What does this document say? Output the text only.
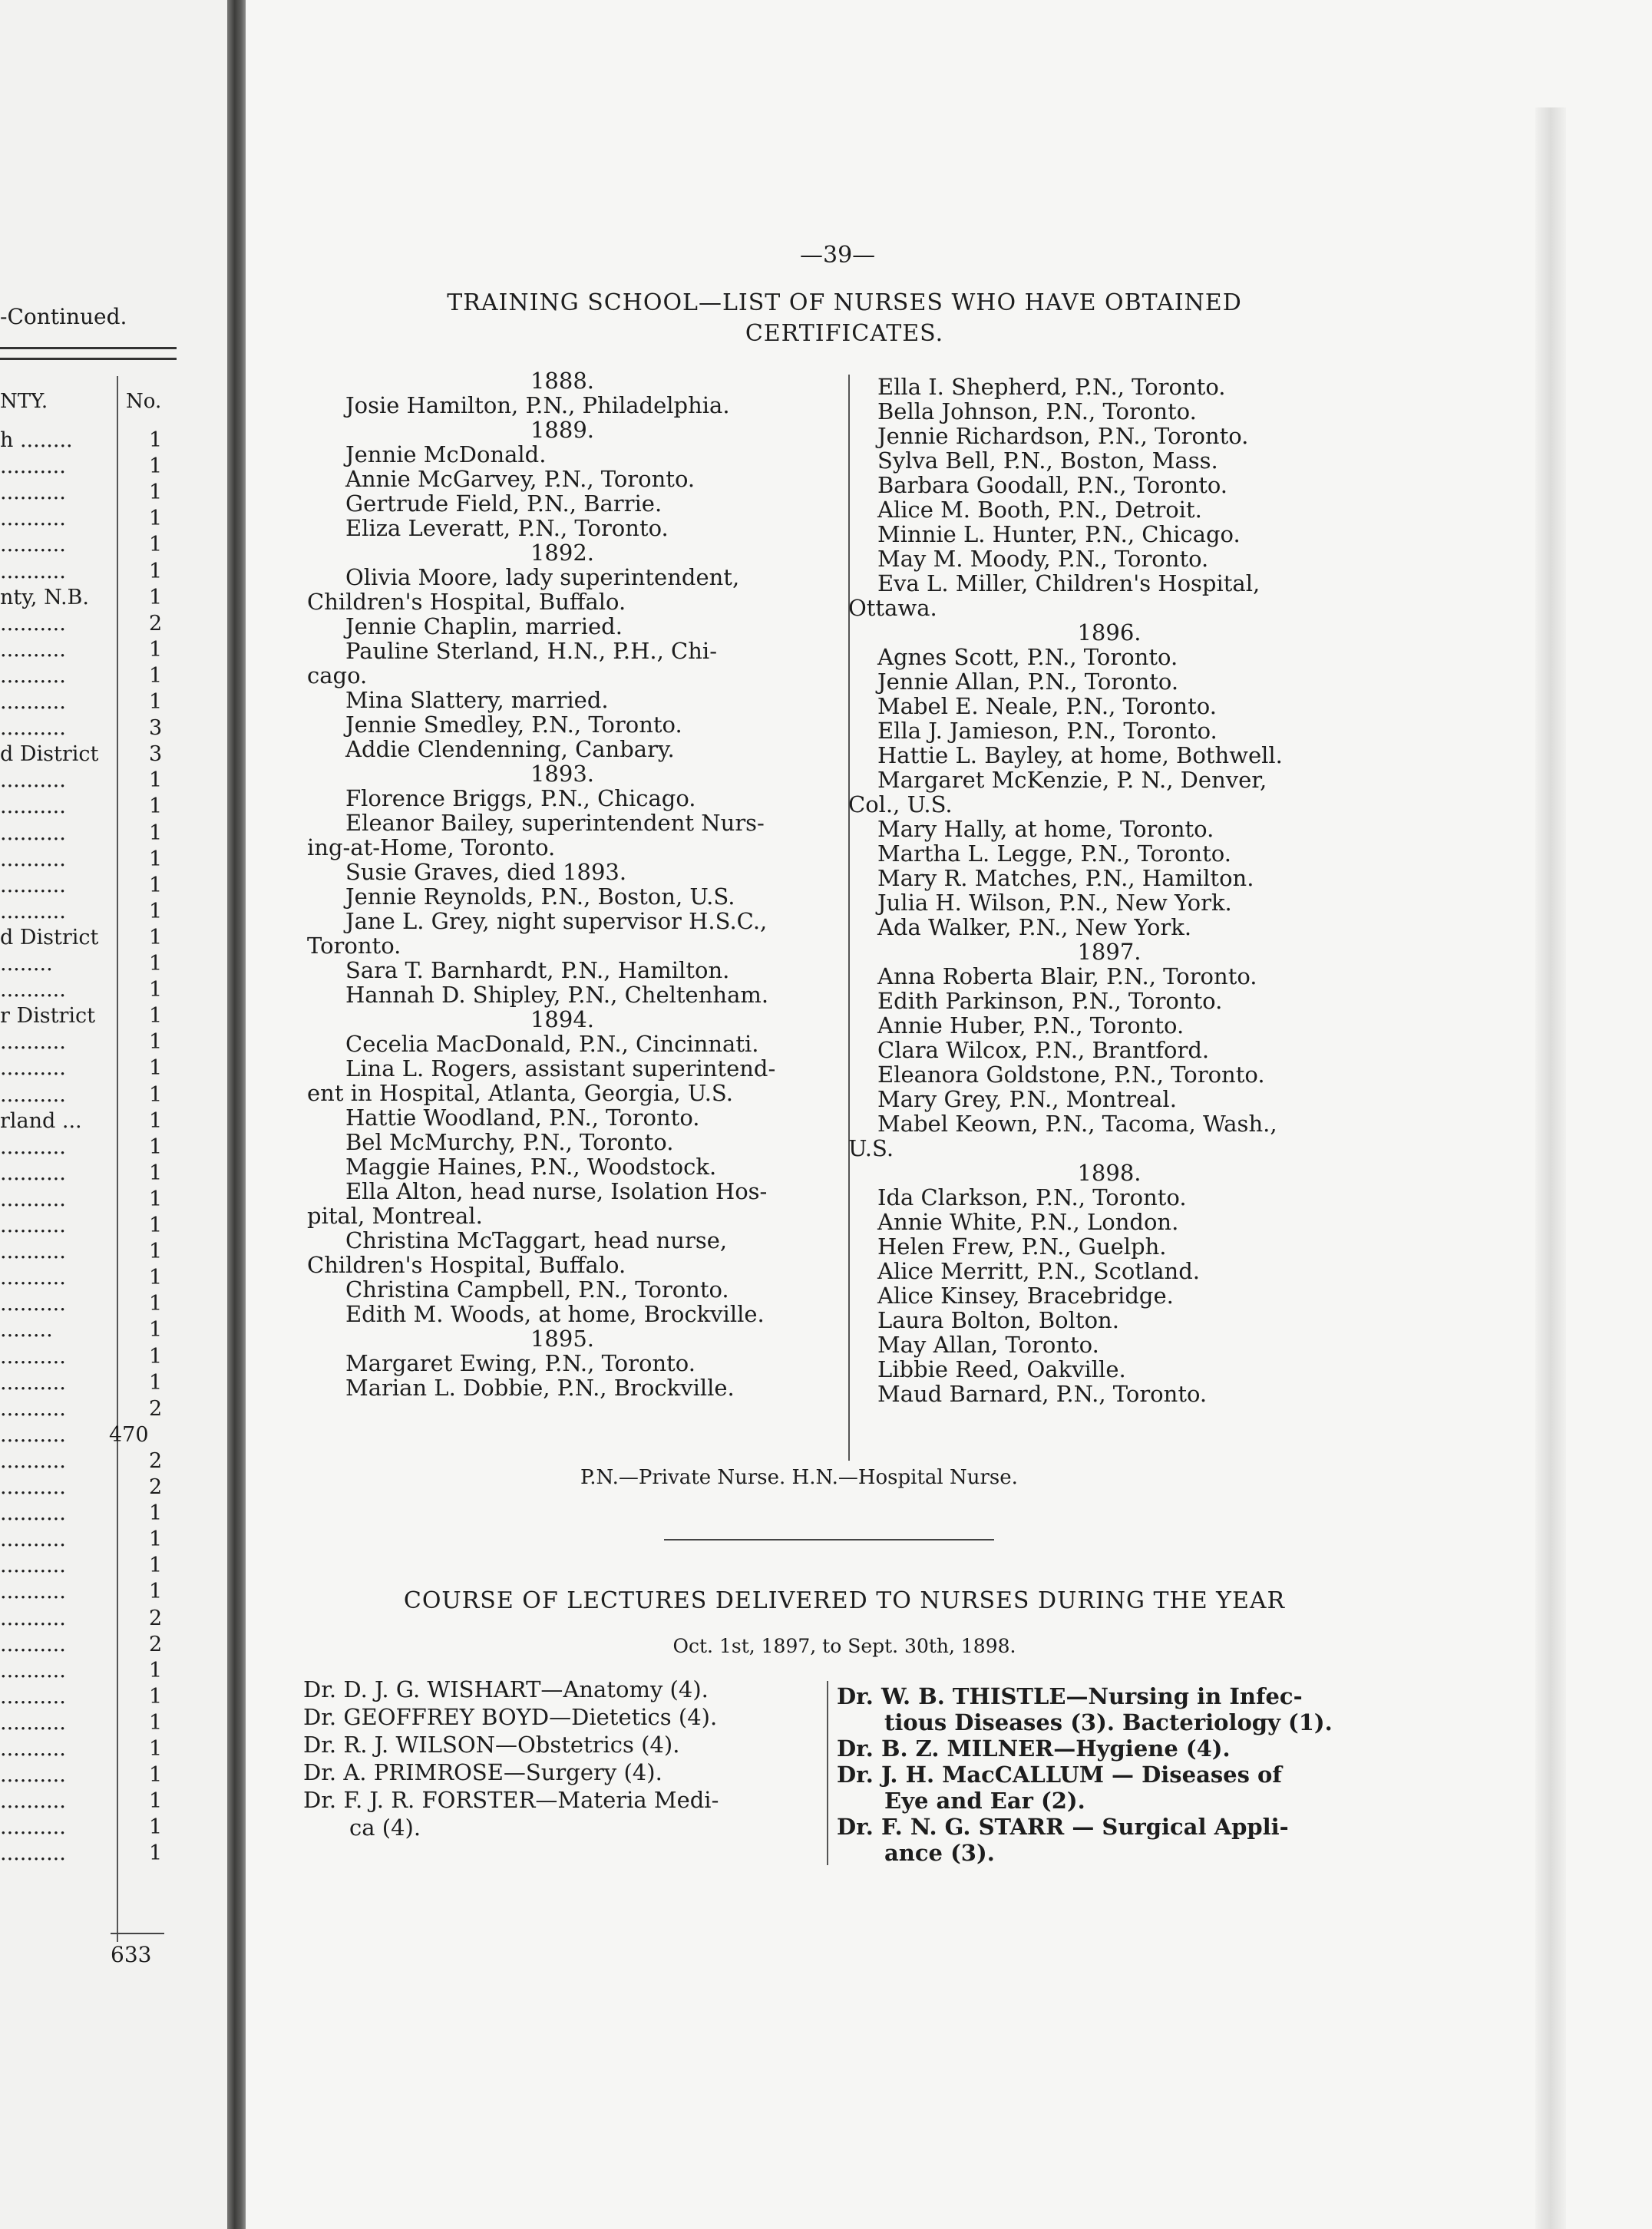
-Continued.
NTY.	No.
h ........	1
..........	1
..........	1
..........	1
..........	1
..........	1
nty, N.B.	1
..........	2
..........	1
..........	1
..........	1
..........	3
d District 3
..........	1
..........	1
..........	1
..........	1
..........	1
..........	1
d District 1
........	1
..........	1
r District	1
..........	1
..........	1
..........	1
rland ...	1
..........	1
..........	1
..........	1
..........	1
..........	1
..........	1
..........	1
........	1
..........	1
..........	1
..........	2
.......... 470
..........	2
..........	2
..........	1
..........	1
..........	1
..........	1
..........	2
..........	2
..........	1
..........	1
..........	1
..........	1
..........	1
..........	1
..........	1
..........	1
633
—39—
TRAINING SCHOOL—LIST OF NURSES WHO HAVE OBTAINED
CERTIFICATES.
1888.
Josie Hamilton, P.N., Philadelphia.
1889.
Jennie McDonald.
Annie McGarvey, P.N., Toronto.
Gertrude Field, P.N., Barrie.
Eliza Leveratt, P.N., Toronto.
1892.
Olivia Moore, lady superintendent,
Children's Hospital, Buffalo.
Jennie Chaplin, married.
Pauline Sterland, H.N., P.H., Chi-
cago.
Mina Slattery, married.
Jennie Smedley, P.N., Toronto.
Addie Clendenning, Canbary.
1893.
Florence Briggs, P.N., Chicago.
Eleanor Bailey, superintendent Nurs-
ing-at-Home, Toronto.
Susie Graves, died 1893.
Jennie Reynolds, P.N., Boston, U.S.
Jane L. Grey, night supervisor H.S.C.,
Toronto.
Sara T. Barnhardt, P.N., Hamilton.
Hannah D. Shipley, P.N., Cheltenham.
1894.
Cecelia MacDonald, P.N., Cincinnati.
Lina L. Rogers, assistant superintend-
ent in Hospital, Atlanta, Georgia, U.S.
Hattie Woodland, P.N., Toronto.
Bel McMurchy, P.N., Toronto.
Maggie Haines, P.N., Woodstock.
Ella Alton, head nurse, Isolation Hos-
pital, Montreal.
Christina McTaggart, head nurse,
Children's Hospital, Buffalo.
Christina Campbell, P.N., Toronto.
Edith M. Woods, at home, Brockville.
1895.
Margaret Ewing, P.N., Toronto.
Marian L. Dobbie, P.N., Brockville.
Ella I. Shepherd, P.N., Toronto.
Bella Johnson, P.N., Toronto.
Jennie Richardson, P.N., Toronto.
Sylva Bell, P.N., Boston, Mass.
Barbara Goodall, P.N., Toronto.
Alice M. Booth, P.N., Detroit.
Minnie L. Hunter, P.N., Chicago.
May M. Moody, P.N., Toronto.
Eva L. Miller, Children's Hospital,
Ottawa.
1896.
Agnes Scott, P.N., Toronto.
Jennie Allan, P.N., Toronto.
Mabel E. Neale, P.N., Toronto.
Ella J. Jamieson, P.N., Toronto.
Hattie L. Bayley, at home, Bothwell.
Margaret McKenzie, P. N., Denver,
Col., U.S.
Mary Hally, at home, Toronto.
Martha L. Legge, P.N., Toronto.
Mary R. Matches, P.N., Hamilton.
Julia H. Wilson, P.N., New York.
Ada Walker, P.N., New York.
1897.
Anna Roberta Blair, P.N., Toronto.
Edith Parkinson, P.N., Toronto.
Annie Huber, P.N., Toronto.
Clara Wilcox, P.N., Brantford.
Eleanora Goldstone, P.N., Toronto.
Mary Grey, P.N., Montreal.
Mabel Keown, P.N., Tacoma, Wash.,
U.S.
1898.
Ida Clarkson, P.N., Toronto.
Annie White, P.N., London.
Helen Frew, P.N., Guelph.
Alice Merritt, P.N., Scotland.
Alice Kinsey, Bracebridge.
Laura Bolton, Bolton.
May Allan, Toronto.
Libbie Reed, Oakville.
Maud Barnard, P.N., Toronto.
P.N.—Private Nurse. H.N.—Hospital Nurse.
COURSE OF LECTURES DELIVERED TO NURSES DURING THE YEAR
Oct. 1st, 1897, to Sept. 30th, 1898.
Dr. D. J. G. WISHART—Anatomy (4).
Dr. GEOFFREY BOYD—Dietetics (4).
Dr. R. J. WILSON—Obstetrics (4).
Dr. A. PRIMROSE—Surgery (4).
Dr. F. J. R. FORSTER—Materia Medi-
ca (4).
Dr. W. B. THISTLE—Nursing in Infec-
tious Diseases (3). Bacteriology (1).
Dr. B. Z. MILNER—Hygiene (4).
Dr. J. H. MacCALLUM — Diseases of
Eye and Ear (2).
Dr. F. N. G. STARR — Surgical Appli-
ance (3).
